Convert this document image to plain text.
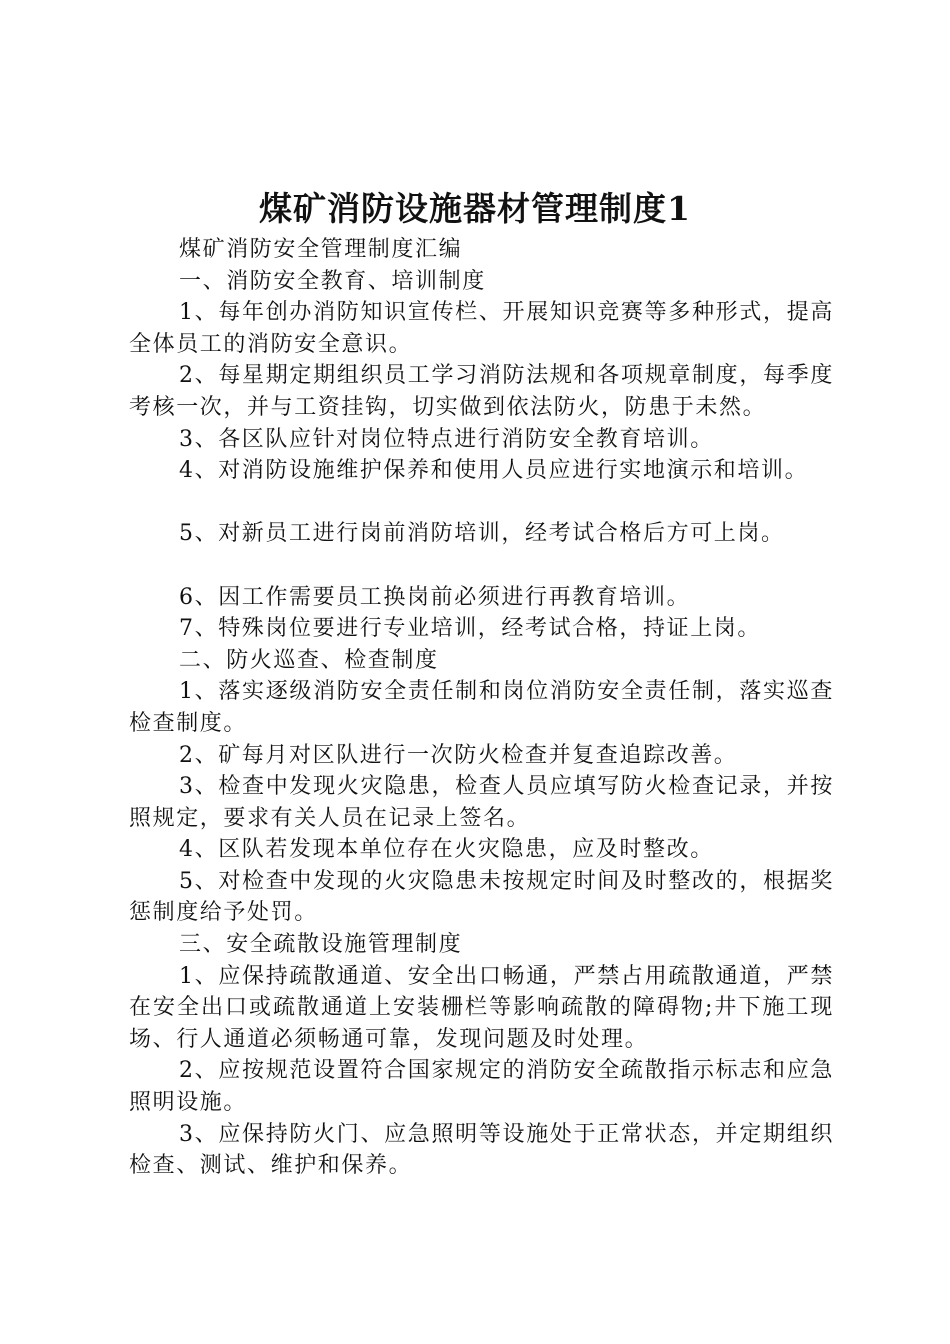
煤矿消防设施器材管理制度1

煤矿消防安全管理制度汇编

一、消防安全教育、培训制度

1、每年创办消防知识宣传栏、开展知识竞赛等多种形式，提高全体员工的消防安全意识。

2、每星期定期组织员工学习消防法规和各项规章制度，每季度考核一次，并与工资挂钩，切实做到依法防火，防患于未然。

3、各区队应针对岗位特点进行消防安全教育培训。

4、对消防设施维护保养和使用人员应进行实地演示和培训。

5、对新员工进行岗前消防培训，经考试合格后方可上岗。

6、因工作需要员工换岗前必须进行再教育培训。

7、特殊岗位要进行专业培训，经考试合格，持证上岗。

二、防火巡查、检查制度

1、落实逐级消防安全责任制和岗位消防安全责任制，落实巡查检查制度。

2、矿每月对区队进行一次防火检查并复查追踪改善。

3、检查中发现火灾隐患，检查人员应填写防火检查记录，并按照规定，要求有关人员在记录上签名。

4、区队若发现本单位存在火灾隐患，应及时整改。

5、对检查中发现的火灾隐患未按规定时间及时整改的，根据奖惩制度给予处罚。

三、安全疏散设施管理制度

1、应保持疏散通道、安全出口畅通，严禁占用疏散通道，严禁在安全出口或疏散通道上安装栅栏等影响疏散的障碍物;井下施工现场、行人通道必须畅通可靠，发现问题及时处理。

2、应按规范设置符合国家规定的消防安全疏散指示标志和应急照明设施。

3、应保持防火门、应急照明等设施处于正常状态，并定期组织检查、测试、维护和保养。
